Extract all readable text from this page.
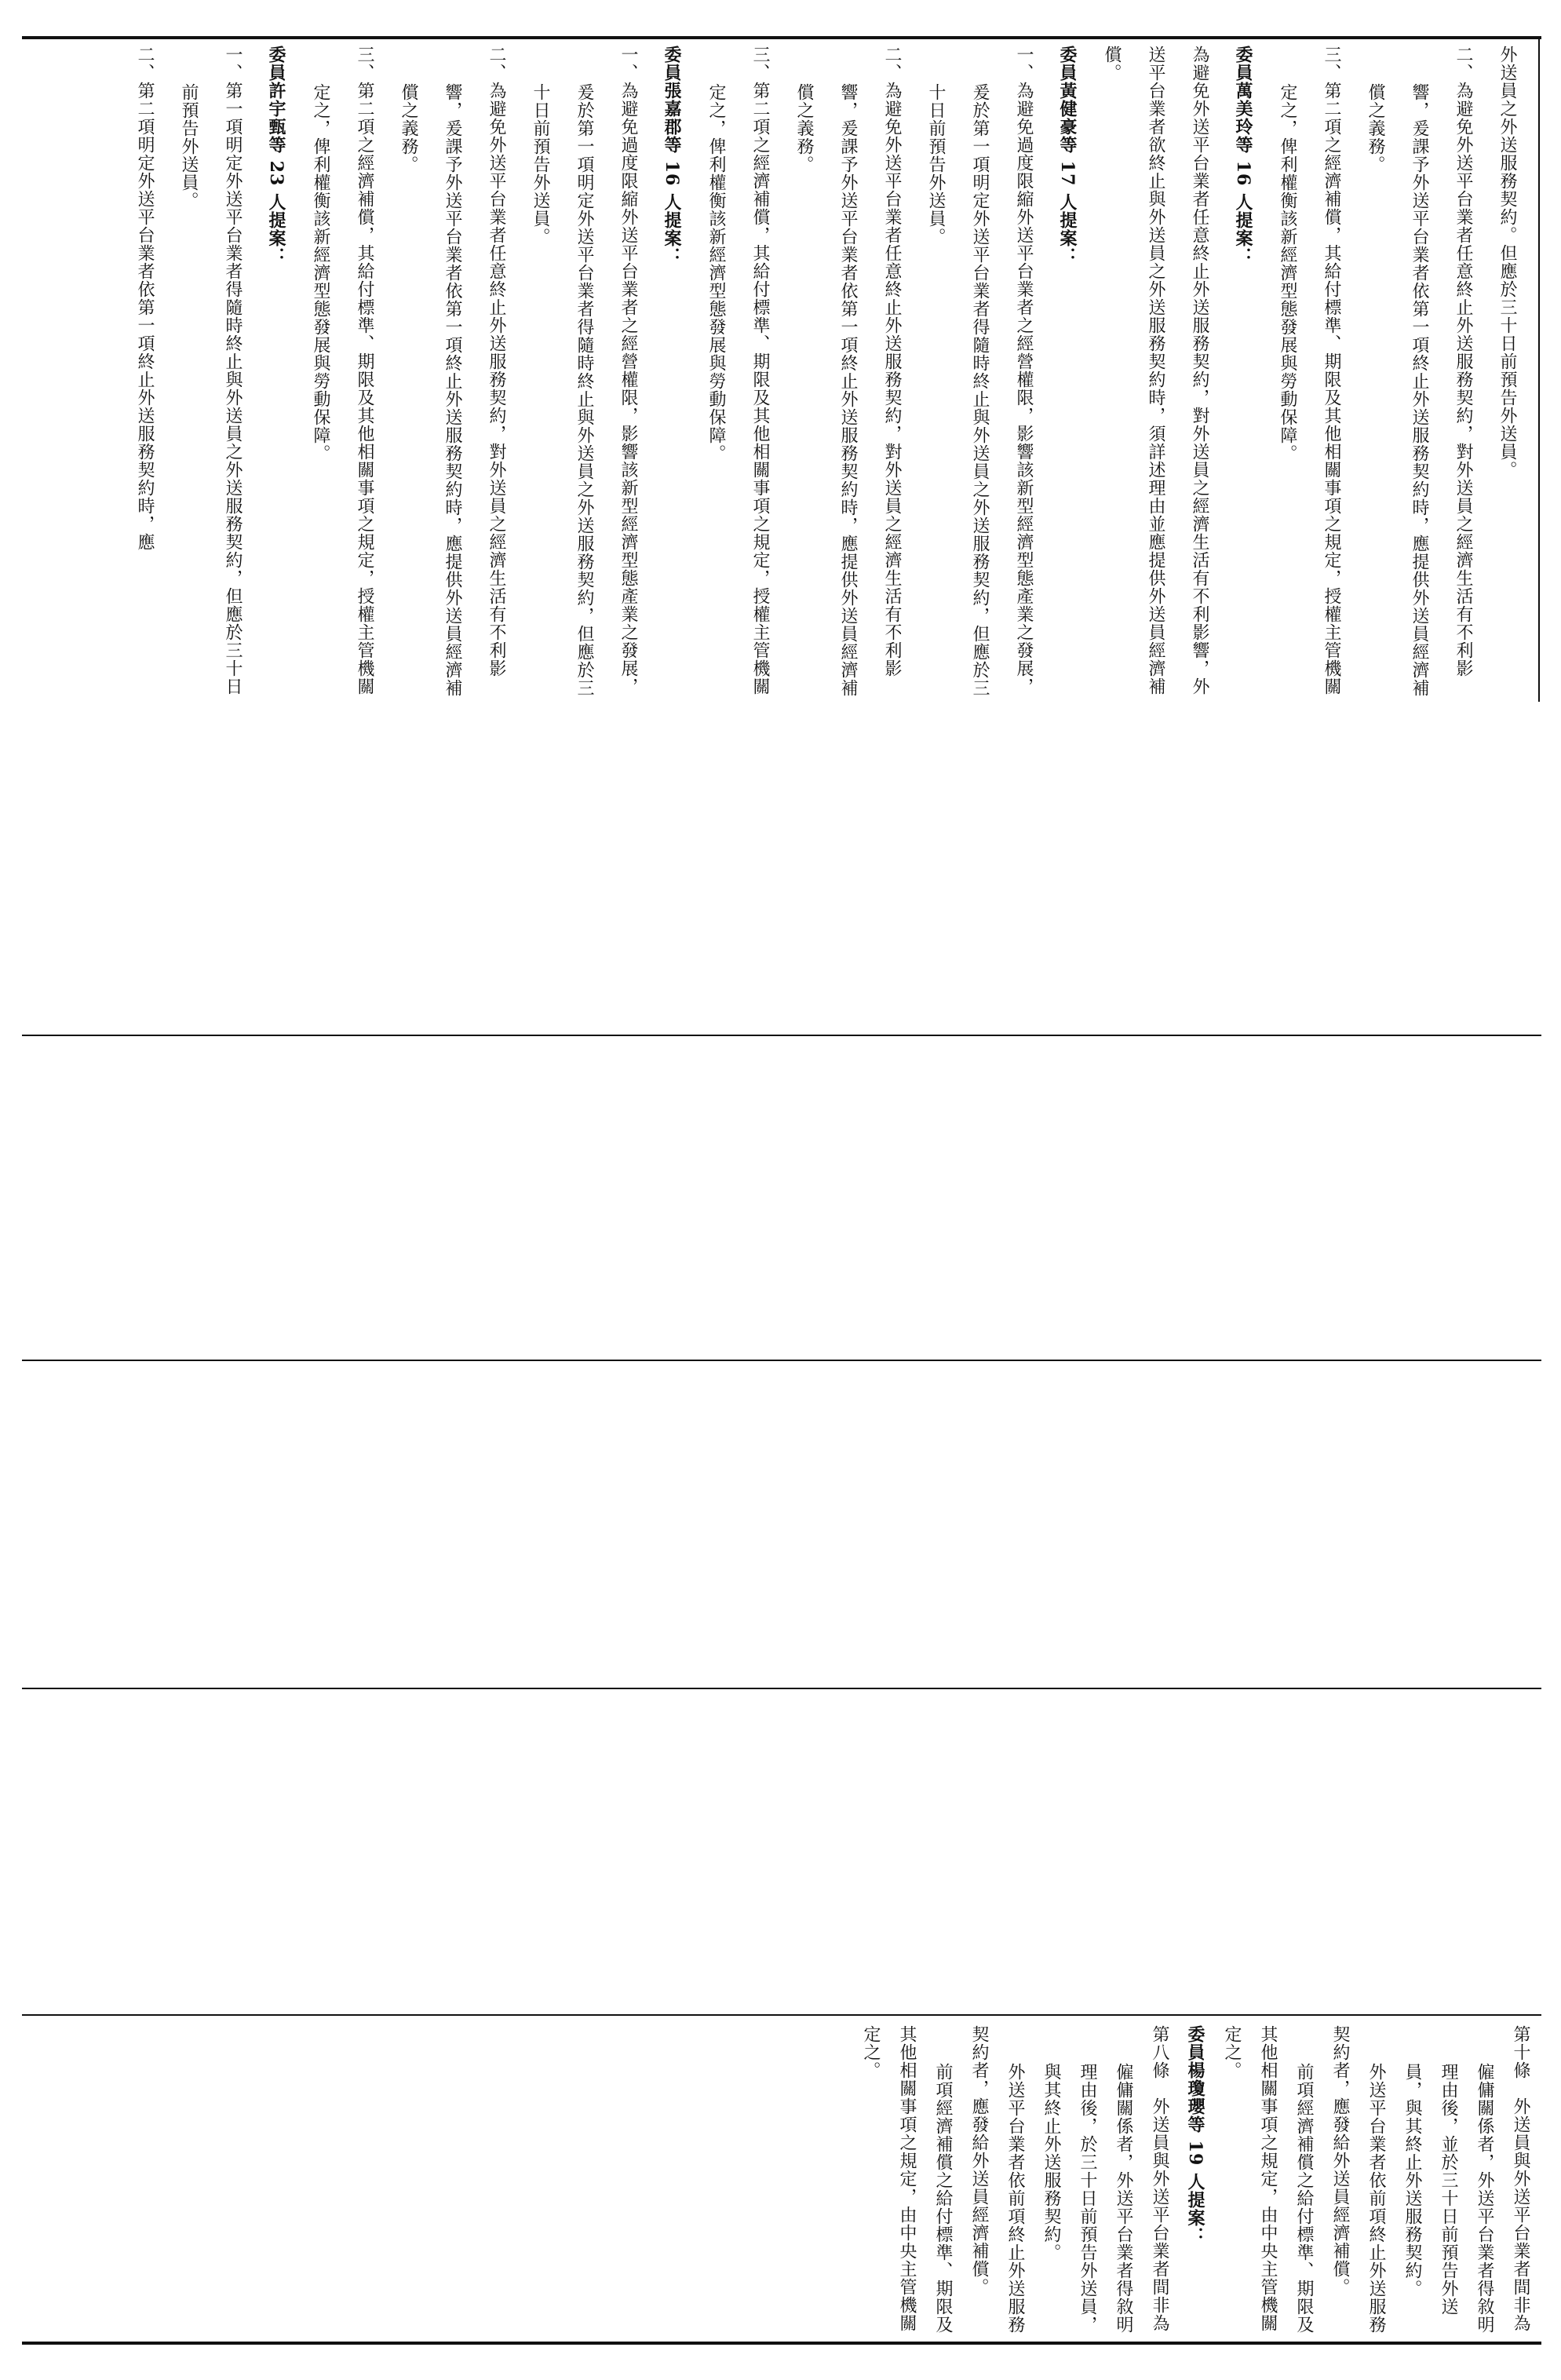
外送員之外送服務契約。但應於三十日前預告外送員。
二、為避免外送平台業者任意終止外送服務契約，對外送員之經濟生活有不利影響，爰課予外送平台業者依第一項終止外送服務契約時，應提供外送員經濟補償之義務。
三、第二項之經濟補償，其給付標準、期限及其他相關事項之規定，授權主管機關定之，俾利權衡該新經濟型態發展與勞動保障。
委員萬美玲等 16 人提案：
為避免外送平台業者任意終止外送服務契約，對外送員之經濟生活有不利影響，外送平台業者欲終止與外送員之外送服務契約時，須詳述理由並應提供外送員經濟補償。
委員黃健豪等 17 人提案：
一、為避免過度限縮外送平台業者之經營權限，影響該新型經濟型態產業之發展，爰於第一項明定外送平台業者得隨時終止與外送員之外送服務契約，但應於三十日前預告外送員。
二、為避免外送平台業者任意終止外送服務契約，對外送員之經濟生活有不利影響，爰課予外送平台業者依第一項終止外送服務契約時，應提供外送員經濟補償之義務。
三、第二項之經濟補償，其給付標準、期限及其他相關事項之規定，授權主管機關定之，俾利權衡該新經濟型態發展與勞動保障。
委員張嘉郡等 16 人提案：
一、為避免過度限縮外送平台業者之經營權限，影響該新型經濟型態產業之發展，爰於第一項明定外送平台業者得隨時終止與外送員之外送服務契約，但應於三十日前預告外送員。
二、為避免外送平台業者任意終止外送服務契約，對外送員之經濟生活有不利影響，爰課予外送平台業者依第一項終止外送服務契約時，應提供外送員經濟補償之義務。
三、第二項之經濟補償，其給付標準、期限及其他相關事項之規定，授權主管機關定之，俾利權衡該新經濟型態發展與勞動保障。
委員許宇甄等 23 人提案：
一、第一項明定外送平台業者得隨時終止與外送員之外送服務契約，但應於三十日前預告外送員。
二、第二項明定外送平台業者依第一項終止外送服務契約時，應
第十條　外送員與外送平台業者間非為僱傭關係者，外送平台業者得敘明理由後，並於三十日前預告外送員，與其終止外送服務契約。
外送平台業者依前項終止外送服務契約者，應發給外送員經濟補償。
前項經濟補償之給付標準、期限及其他相關事項之規定，由中央主管機關定之。
委員楊瓊瓔等 19 人提案：
第八條　外送員與外送平台業者間非為僱傭關係者，外送平台業者得敘明理由後，於三十日前預告外送員，與其終止外送服務契約。
外送平台業者依前項終止外送服務契約者，應發給外送員經濟補償。
前項經濟補償之給付標準、期限及其他相關事項之規定，由中央主管機關定之。
